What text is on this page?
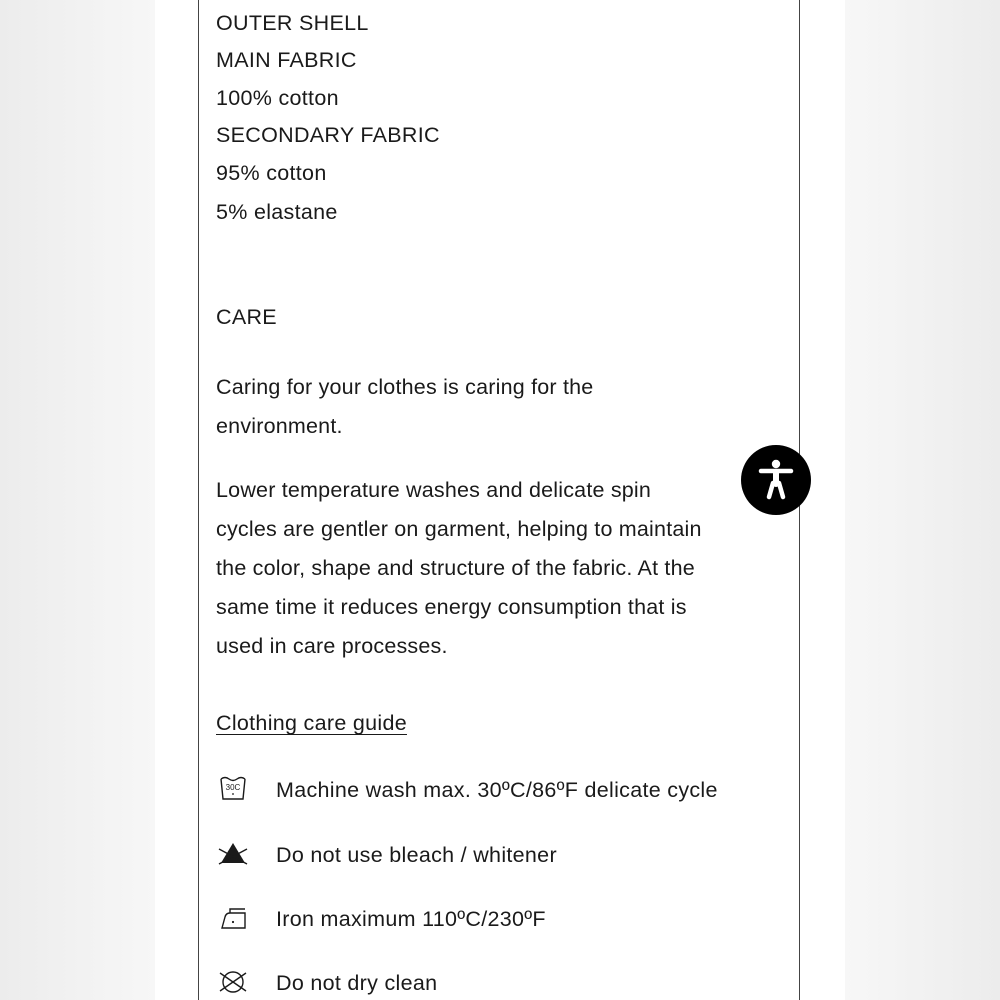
OUTER SHELL
MAIN FABRIC
100% cotton
SECONDARY FABRIC
95% cotton
5% elastane
CARE
Caring for your clothes is caring for the
environment.
Lower temperature washes and delicate spin
cycles are gentler on garment, helping to maintain
the color, shape and structure of the fabric. At the
same time it reduces energy consumption that is
used in care processes.
Clothing care guide
30C Machine wash max. 30ºC/86ºF delicate cycle
Do not use bleach / whitener
Iron maximum 110ºC/230ºF
Do not dry clean
